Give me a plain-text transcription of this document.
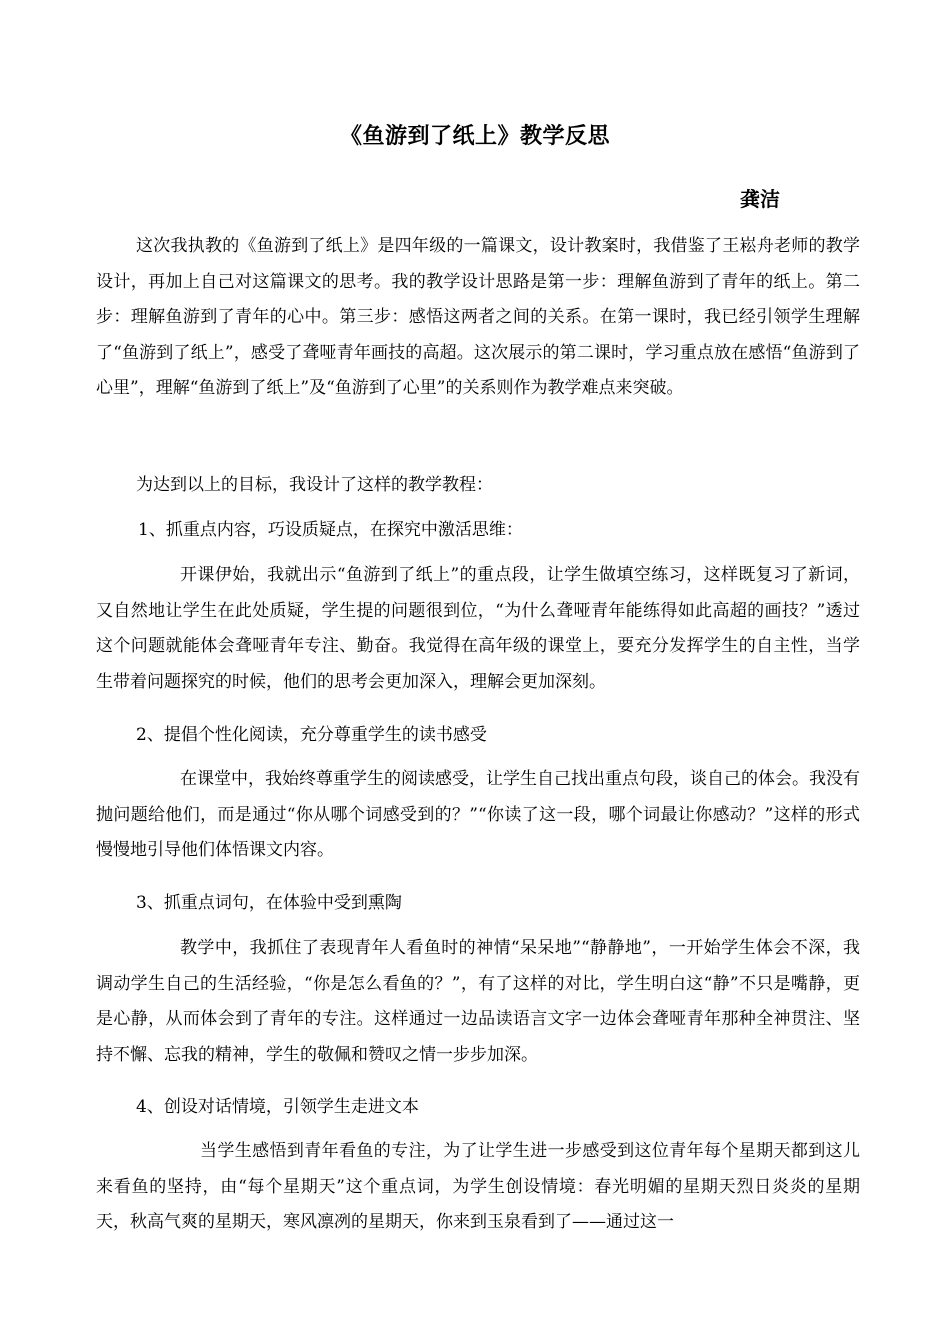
《鱼游到了纸上》教学反思
龚洁
这次我执教的《鱼游到了纸上》是四年级的一篇课文，设计教案时，我借鉴了王崧舟老师的教学设计，再加上自己对这篇课文的思考。我的教学设计思路是第一步：理解鱼游到了青年的纸上。第二步：理解鱼游到了青年的心中。第三步：感悟这两者之间的关系。在第一课时，我已经引领学生理解了“鱼游到了纸上”，感受了聋哑青年画技的高超。这次展示的第二课时，学习重点放在感悟“鱼游到了心里”，理解“鱼游到了纸上”及“鱼游到了心里”的关系则作为教学难点来突破。
为达到以上的目标，我设计了这样的教学教程：
1、抓重点内容，巧设质疑点，在探究中激活思维：
开课伊始，我就出示“鱼游到了纸上”的重点段，让学生做填空练习，这样既复习了新词，又自然地让学生在此处质疑，学生提的问题很到位，“为什么聋哑青年能练得如此高超的画技？”透过这个问题就能体会聋哑青年专注、勤奋。我觉得在高年级的课堂上，要充分发挥学生的自主性，当学生带着问题探究的时候，他们的思考会更加深入，理解会更加深刻。
2、提倡个性化阅读，充分尊重学生的读书感受
在课堂中，我始终尊重学生的阅读感受，让学生自己找出重点句段，谈自己的体会。我没有抛问题给他们，而是通过“你从哪个词感受到的？”“你读了这一段，哪个词最让你感动？”这样的形式慢慢地引导他们体悟课文内容。
3、抓重点词句，在体验中受到熏陶
教学中，我抓住了表现青年人看鱼时的神情“呆呆地”“静静地”，一开始学生体会不深，我调动学生自己的生活经验，“你是怎么看鱼的？”，有了这样的对比，学生明白这“静”不只是嘴静，更是心静，从而体会到了青年的专注。这样通过一边品读语言文字一边体会聋哑青年那种全神贯注、坚持不懈、忘我的精神，学生的敬佩和赞叹之情一步步加深。
4、创设对话情境，引领学生走进文本
当学生感悟到青年看鱼的专注，为了让学生进一步感受到这位青年每个星期天都到这儿来看鱼的坚持，由“每个星期天”这个重点词，为学生创设情境：春光明媚的星期天烈日炎炎的星期天，秋高气爽的星期天，寒风凛冽的星期天，你来到玉泉看到了——通过这一
